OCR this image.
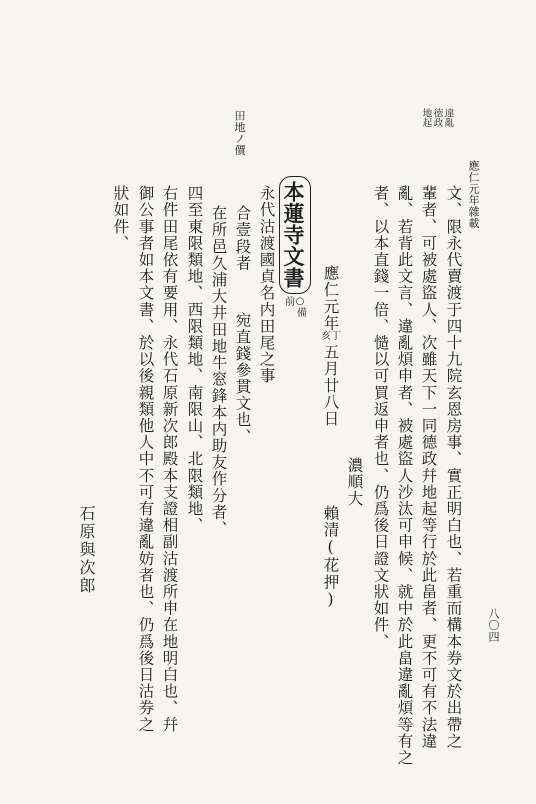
應仁元年雜載
八〇四
徳政 違亂
地起
田地ノ價
文、限永代賣渡于四十九院玄恩房事、實正明白也、若重而構本券文於出帶之
輩者、可被處盜人、次雖天下一同德政幷地起等行於此畠者、更不可有不法違
亂、若背此文言、違亂煩申者、被處盜人沙汰可申候、就中於此畠違亂煩等有之
者、以本直錢一倍、慥以可買返申者也、仍爲後日證文狀如件、
濃順大
應仁元年
丁
亥
五月廿八日
賴清
(花押)
本蓮寺文書
○備
前
永代沽渡國貞名内田尾之事
合壹段者
宛直錢參貫文也、
在所邑久浦大井田地牛窓鋒本内助友作分者、
四至東限類地、西限類地、南限山、北限類地、
右件田尾依有要用、永代石原新次郎殿本支證相副沽渡所申在地明白也、幷
御公事者如本文書、於以後親類他人中不可有違亂妨者也、仍爲後日沽券之
狀如件、
石原與次郎
